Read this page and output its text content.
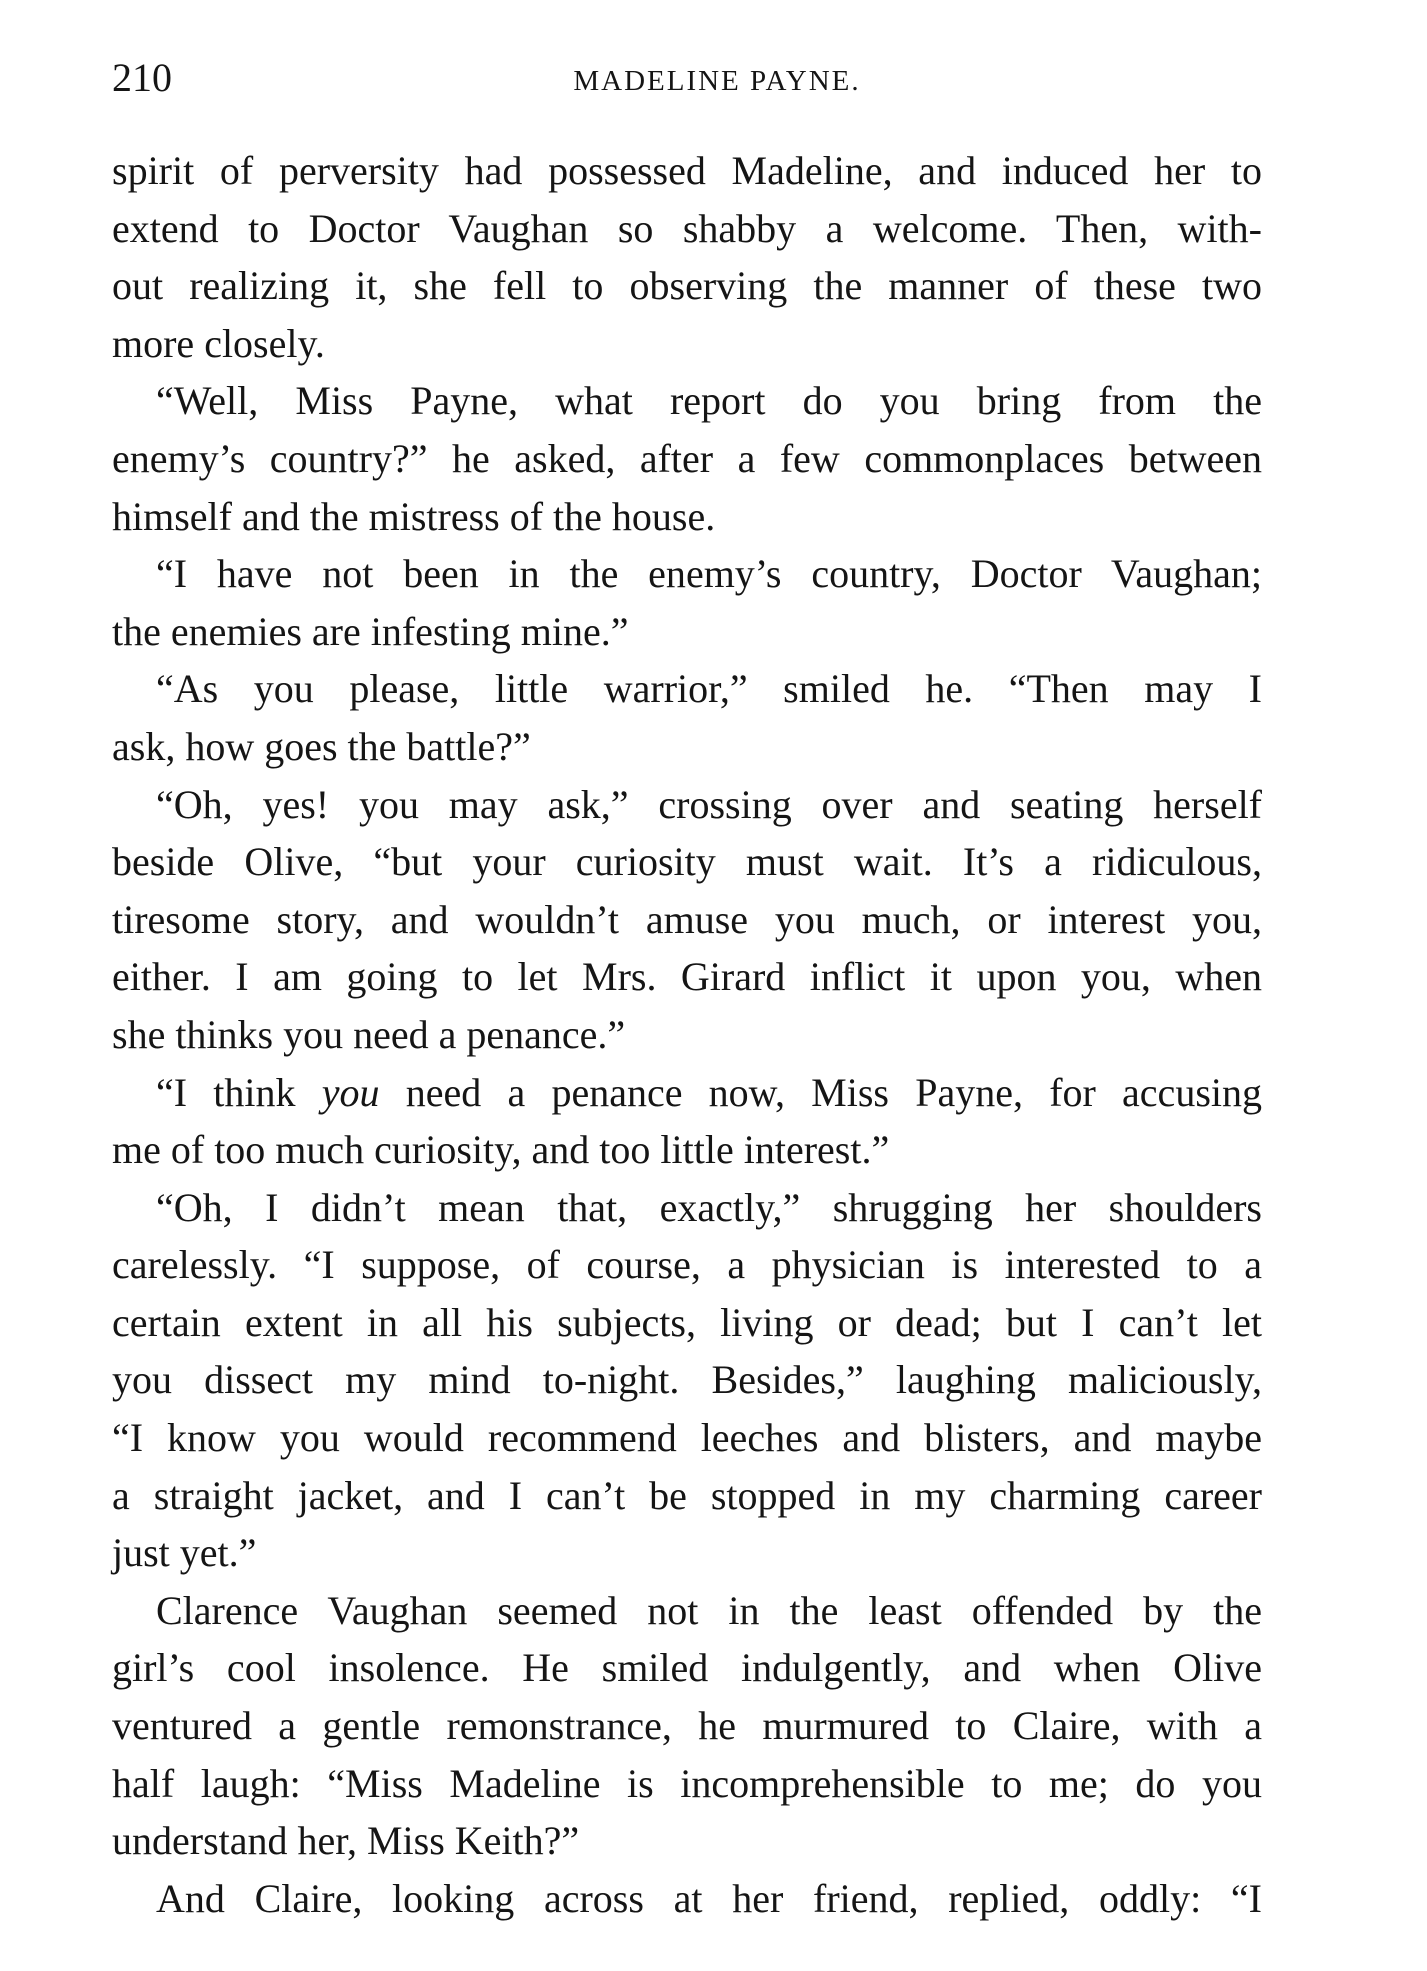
210	MADELINE PAYNE.
spirit of perversity had possessed Madeline, and induced her to
extend to Doctor Vaughan so shabby a welcome. Then, with-
out realizing it, she fell to observing the manner of these two
more closely.
“Well, Miss Payne, what report do you bring from the
enemy’s country?” he asked, after a few commonplaces between
himself and the mistress of the house.
“I have not been in the enemy’s country, Doctor Vaughan;
the enemies are infesting mine.”
“As you please, little warrior,” smiled he. “Then may I
ask, how goes the battle?”
“Oh, yes! you may ask,” crossing over and seating herself
beside Olive, “but your curiosity must wait. It’s a ridiculous,
tiresome story, and wouldn’t amuse you much, or interest you,
either. I am going to let Mrs. Girard inflict it upon you, when
she thinks you need a penance.”
“I think you need a penance now, Miss Payne, for accusing
me of too much curiosity, and too little interest.”
“Oh, I didn’t mean that, exactly,” shrugging her shoulders
carelessly. “I suppose, of course, a physician is interested to a
certain extent in all his subjects, living or dead; but I can’t let
you dissect my mind to-night. Besides,” laughing maliciously,
“I know you would recommend leeches and blisters, and maybe
a straight jacket, and I can’t be stopped in my charming career
just yet.”
Clarence Vaughan seemed not in the least offended by the
girl’s cool insolence. He smiled indulgently, and when Olive
ventured a gentle remonstrance, he murmured to Claire, with a
half laugh: “Miss Madeline is incomprehensible to me; do you
understand her, Miss Keith?”
And Claire, looking across at her friend, replied, oddly: “I
